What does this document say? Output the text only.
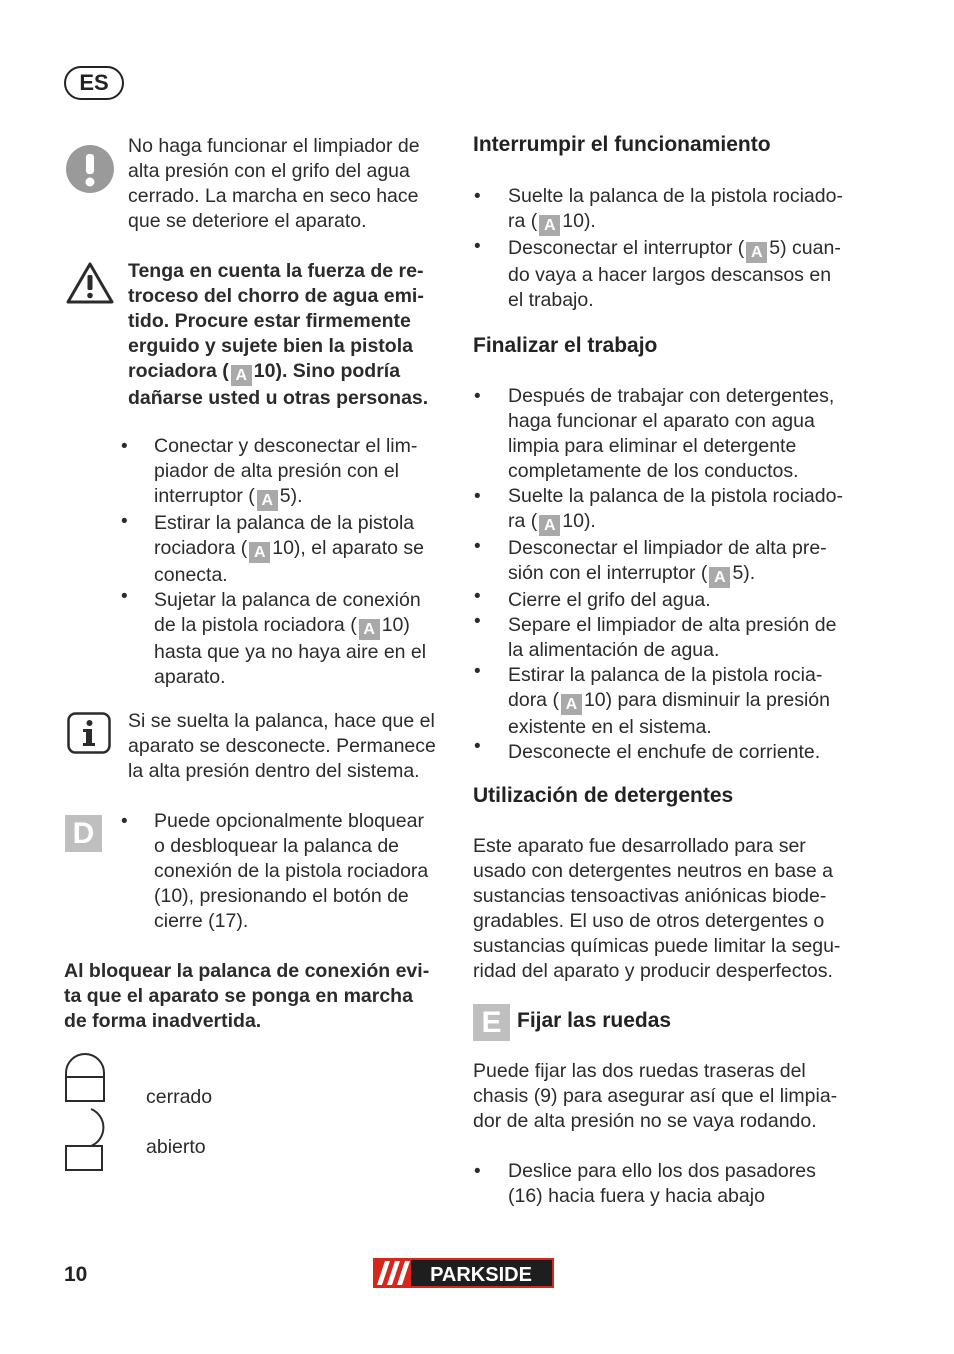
ES
No haga funcionar el limpiador de
alta presión con el grifo del agua
cerrado. La marcha en seco hace
que se deteriore el aparato.
Tenga en cuenta la fuerza de re-
troceso del chorro de agua emi-
tido. Procure estar firmemente
erguido y sujete bien la pistola
rociadora ( A 10). Sino podría
dañarse usted u otras personas.
•
•
•
Conectar y desconectar el lim-
piador de alta presión con el
interruptor ( A 5).
Estirar la palanca de la pistola
rociadora ( A 10), el aparato se
conecta.
Sujetar la palanca de conexión
de la pistola rociadora ( A 10)
hasta que ya no haya aire en el
aparato.
Si se suelta la palanca, hace que el
aparato se desconecte. Permanece
la alta presión dentro del sistema.
D	• Puede opcionalmente bloquear
o desbloquear la palanca de
conexión de la pistola rociadora
(10), presionando el botón de
cierre (17).
Al bloquear la palanca de conexión evi-
ta que el aparato se ponga en marcha
de forma inadvertida.
cerrado
abierto
Interrumpir el funcionamiento
•
•
Suelte la palanca de la pistola rociado-
ra ( A 10).
Desconectar el interruptor ( A 5) cuan-
do vaya a hacer largos descansos en
el trabajo.
Finalizar el trabajo
•
•
•
•
•
•
•
Después de trabajar con detergentes,
haga funcionar el aparato con agua
limpia para eliminar el detergente
completamente de los conductos.
Suelte la palanca de la pistola rociado-
ra ( A 10).
Desconectar el limpiador de alta pre-
sión con el interruptor ( A 5).
Cierre el grifo del agua.
Separe el limpiador de alta presión de
la alimentación de agua.
Estirar la palanca de la pistola rocia-
dora ( A 10) para disminuir la presión
existente en el sistema.
Desconecte el enchufe de corriente.
Utilización de detergentes
Este aparato fue desarrollado para ser
usado con detergentes neutros en base a
sustancias tensoactivas aniónicas biode-
gradables. El uso de otros detergentes o
sustancias químicas puede limitar la segu-
ridad del aparato y producir desperfectos.
E Fijar las ruedas
Puede fijar las dos ruedas traseras del
chasis (9) para asegurar así que el limpia-
dor de alta presión no se vaya rodando.
• Deslice para ello los dos pasadores
(16) hacia fuera y hacia abajo
10	PARKSIDE
